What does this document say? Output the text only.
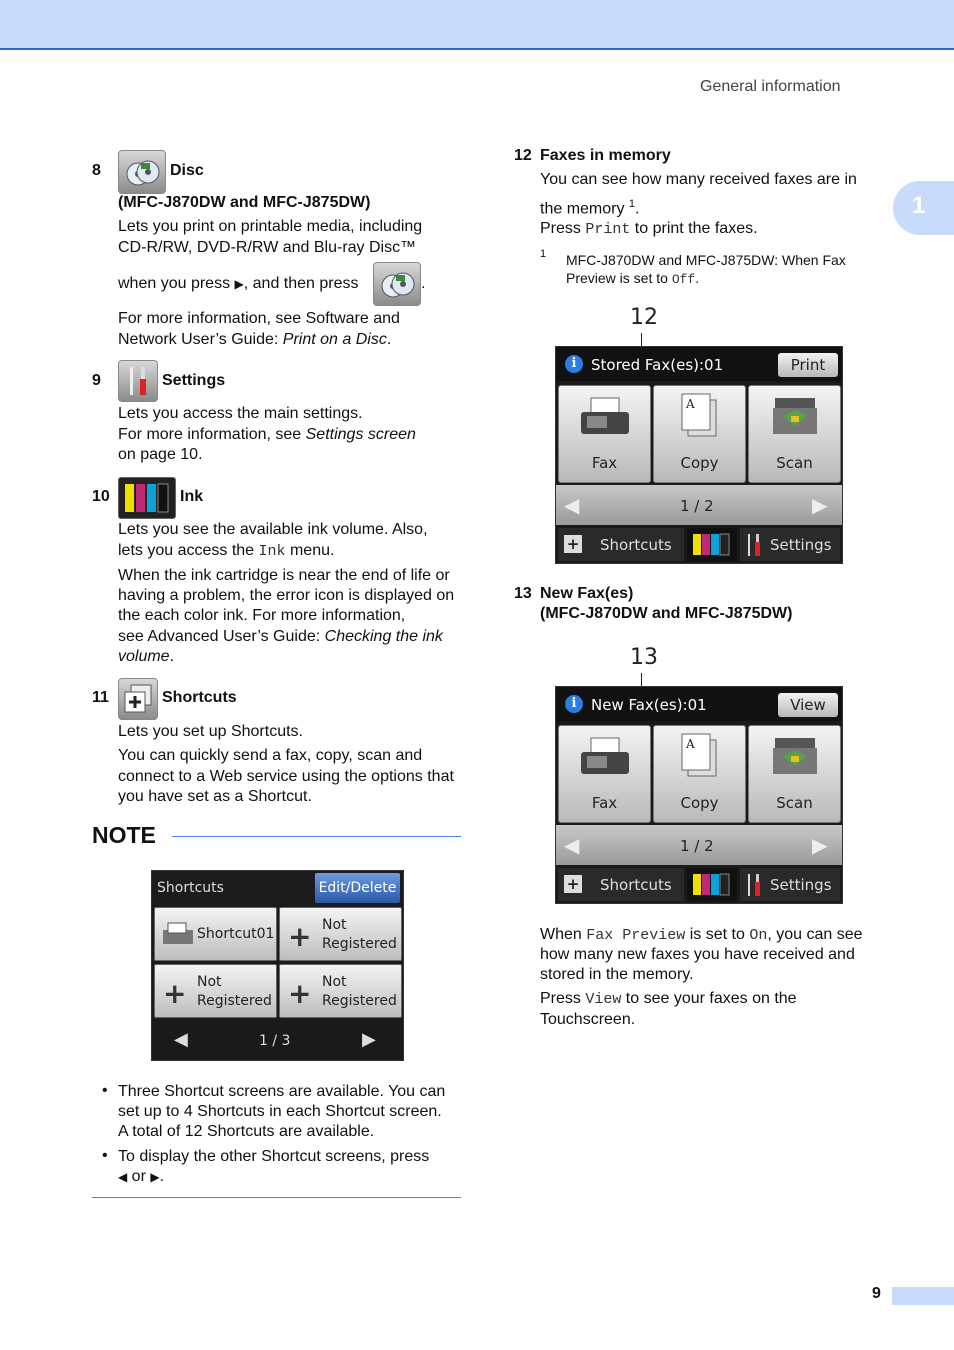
General information
1
8	Disc
(MFC-J870DW and MFC-J875DW)
Lets you print on printable media, including
CD-R/RW, DVD-R/RW and Blu-ray Disc™
when you press ▶, and then press	.
For more information, see Software and
Network User’s Guide: Print on a Disc.
9	Settings
Lets you access the main settings.
For more information, see Settings screen
on page 10.
10	Ink
Lets you see the available ink volume. Also,
lets you access the Ink menu.
When the ink cartridge is near the end of life or
having a problem, the error icon is displayed on
the each color ink. For more information,
see Advanced User’s Guide: Checking the ink
volume.
11	Shortcuts
Lets you set up Shortcuts.
You can quickly send a fax, copy, scan and
connect to a Web service using the options that
you have set as a Shortcut.
NOTE
Shortcuts	Edit/Delete
Shortcut01 + Not
Registered
+ Not
Registered + Not
Registered
◀	1 / 3	▶
• Three Shortcut screens are available. You can
set up to 4 Shortcuts in each Shortcut screen.
A total of 12 Shortcuts are available.
• To display the other Shortcut screens, press
◀ or ▶.
12 Faxes in memory
You can see how many received faxes are in
the memory $^1$.
Press Print to print the faxes.
1 MFC-J870DW and MFC-J875DW: When Fax
Preview is set to Off.
12
i Stored Fax(es):01	Print
Fax
A
Copy	Scan
◀	1 / 2	▶
+ Shortcuts	Settings
13 New Fax(es)
(MFC-J870DW and MFC-J875DW)
13
i New Fax(es):01	View
Fax
A
Copy	Scan
◀	1 / 2	▶
+ Shortcuts	Settings
When Fax Preview is set to On, you can see
how many new faxes you have received and
stored in the memory.
Press View to see your faxes on the
Touchscreen.
9
